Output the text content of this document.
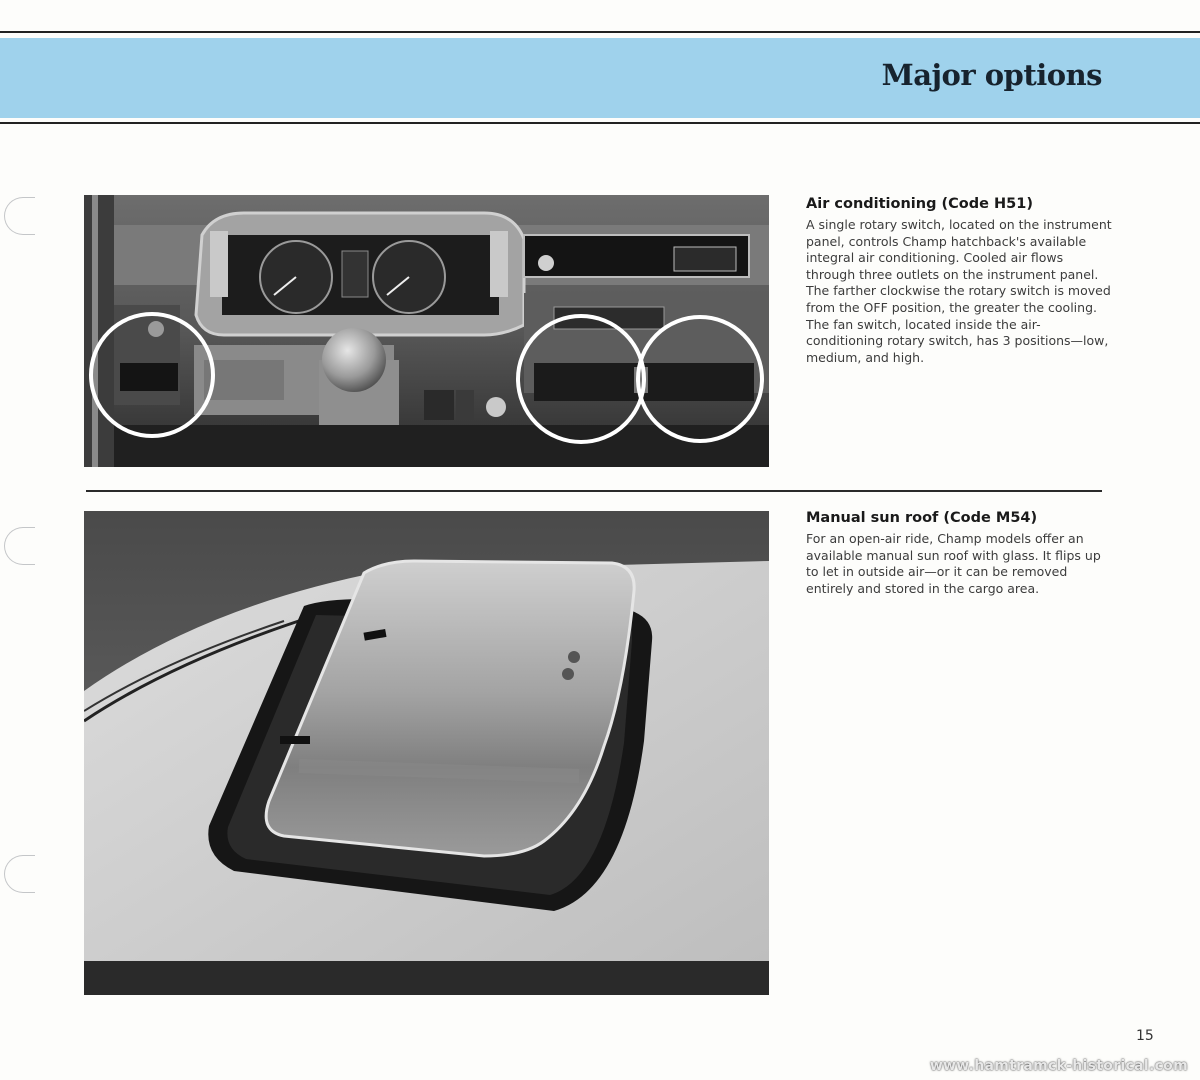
Major options
Air conditioning (Code H51)
A single rotary switch, located on the instrument panel, controls Champ hatchback's available integral air conditioning. Cooled air flows through three outlets on the instrument panel. The farther clockwise the rotary switch is moved from the OFF position, the greater the cooling. The fan switch, located inside the air-conditioning rotary switch, has 3 positions—low, medium, and high.
Manual sun roof (Code M54)
For an open-air ride, Champ models offer an available manual sun roof with glass. It flips up to let in outside air—or it can be removed entirely and stored in the cargo area.
15
www.hamtramck-historical.com
